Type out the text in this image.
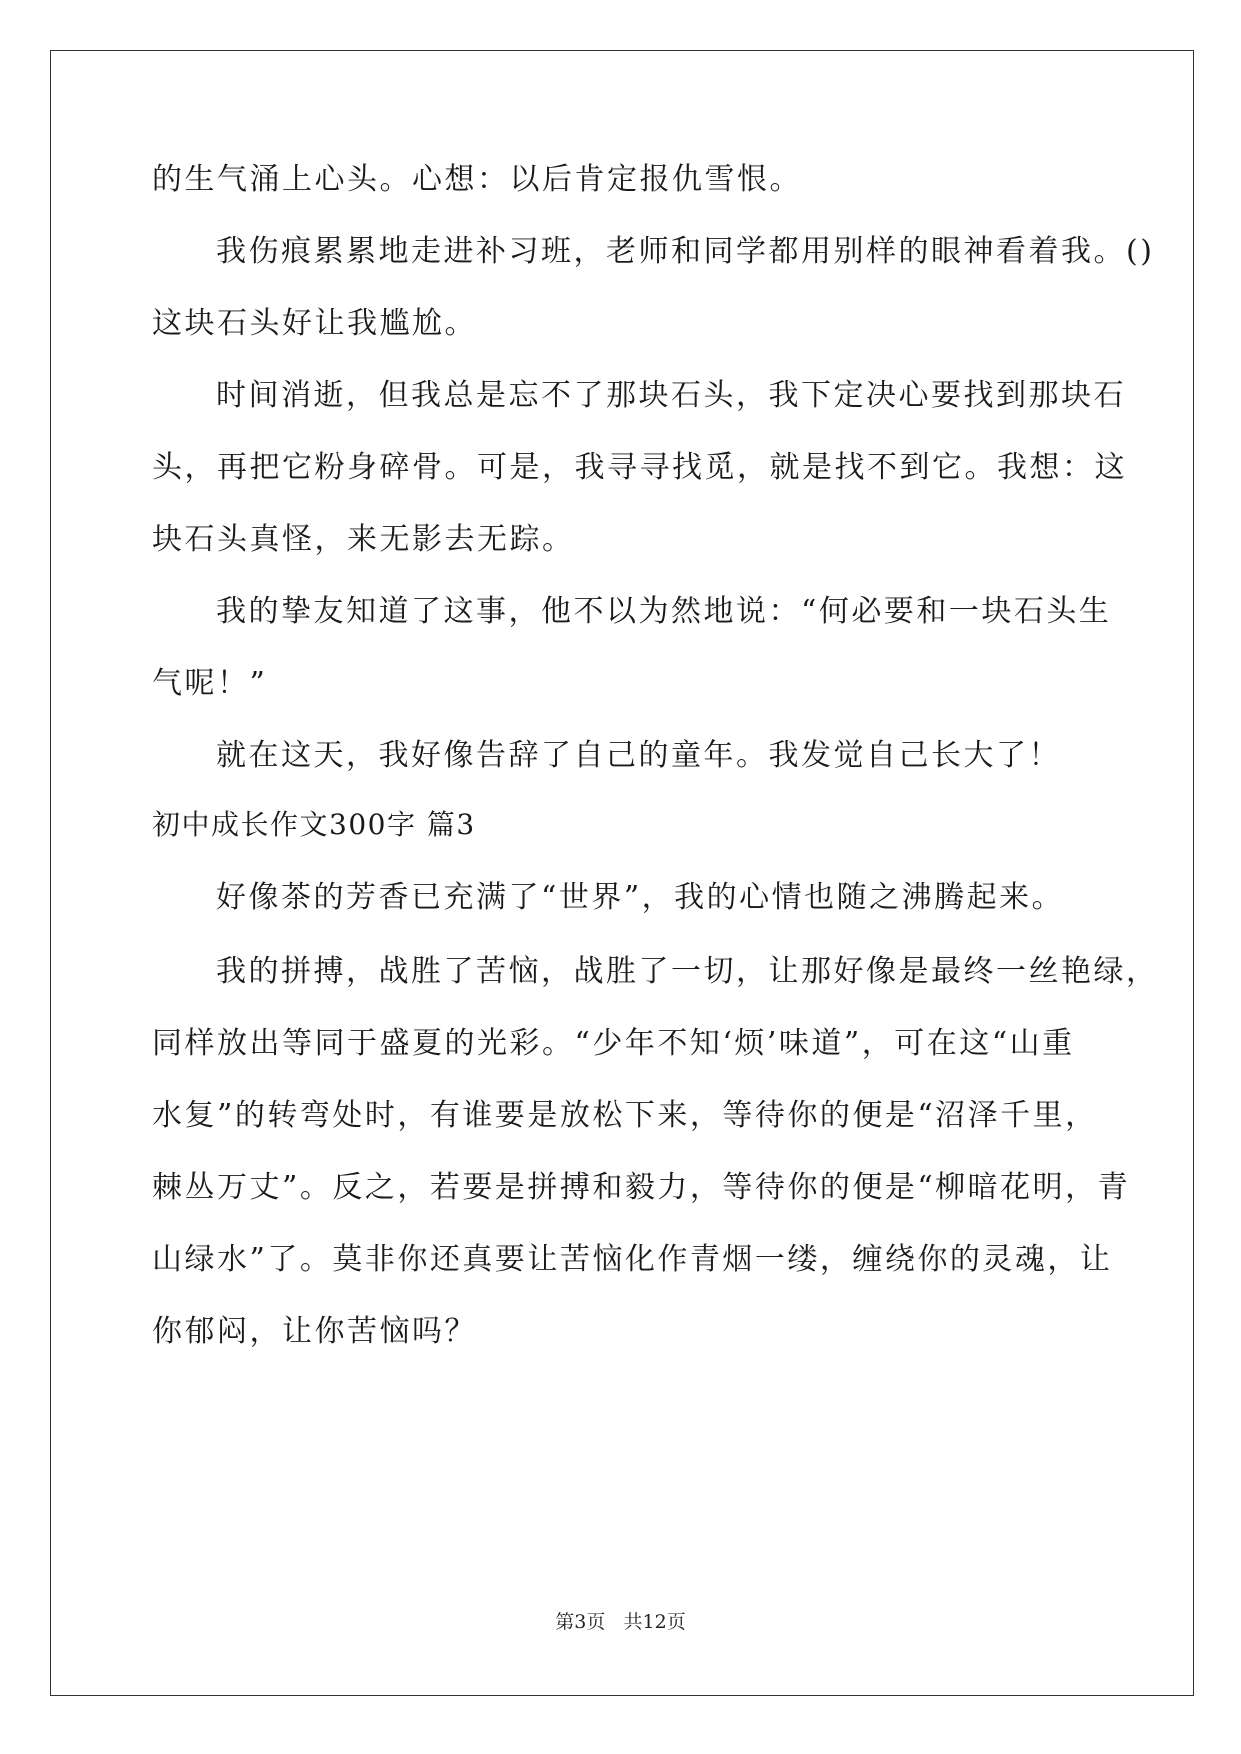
的生气涌上心头。心想：以后肯定报仇雪恨。
我伤痕累累地走进补习班，老师和同学都用别样的眼神看着我。()
这块石头好让我尴尬。
时间消逝，但我总是忘不了那块石头，我下定决心要找到那块石
头，再把它粉身碎骨。可是，我寻寻找觅，就是找不到它。我想：这
块石头真怪，来无影去无踪。
我的挚友知道了这事，他不以为然地说：“何必要和一块石头生
气呢！”
就在这天，我好像告辞了自己的童年。我发觉自己长大了！
初中成长作文300字 篇3
好像茶的芳香已充满了“世界”，我的心情也随之沸腾起来。
我的拼搏，战胜了苦恼，战胜了一切，让那好像是最终一丝艳绿，
同样放出等同于盛夏的光彩。“少年不知‘烦’味道”，可在这“山重
水复”的转弯处时，有谁要是放松下来，等待你的便是“沼泽千里，
棘丛万丈”。反之，若要是拼搏和毅力，等待你的便是“柳暗花明，青
山绿水”了。莫非你还真要让苦恼化作青烟一缕，缠绕你的灵魂，让
你郁闷，让你苦恼吗？
第3页 共12页
